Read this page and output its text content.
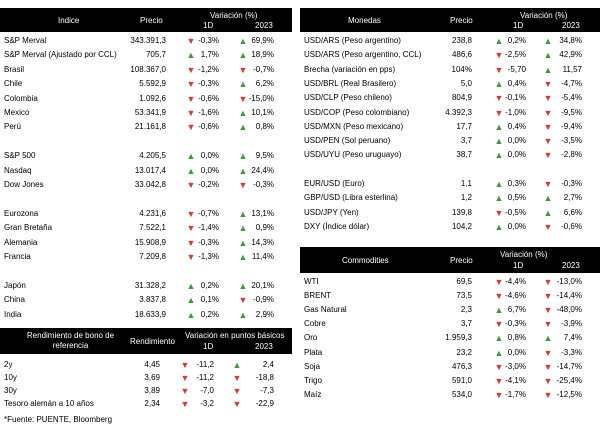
Indice	Precio
Variación (%)
1D	2023
S&P Merval	343.391,3 ▼ -0,3% ▲ 69,9%
S&P Merval (Ajustado por CCL)	705,7 ▲ 1,7% ▲ 18,9%
Brasil	108.367,0 ▼ -1,2% ▼ -0,7%
Chile	5.592,9 ▼ -0,3% ▲	6,2%
Colombia	1.092,6 ▼ -0,6% ▼ -15,0%
Mexico	53.341,9 ▼ -1,6% ▲ 10,1%
Perú	21.161,8 ▼ -0,6% ▲	0,8%
S&P 500	4.205,5 ▲ 0,0% ▲	9,5%
Nasdaq	13.017,4 ▲ 0,0% ▲ 24,4%
Dow Jones	33.042,8 ▼ -0,2% ▼ -0,3%
Eurozona	4.231,6 ▼ -0,7% ▲ 13,1%
Gran Bretaña	7.522,1 ▼ -1,4% ▲	0,9%
Alemania	15.908,9 ▼ -0,3% ▲ 14,3%
Francia	7.209,8 ▼ -1,3% ▲ 11,4%
Japón	31.328,2 ▲ 0,2% ▲ 20,1%
China	3.837,8 ▲ 0,1% ▼ -0,9%
India	18.633,9 ▲ 0,2% ▲	2,9%
Rendimiento de bono de referencia	Rendimiento
Variación en puntos básicos
1D	2023
2y	4,45 ▼ -11,2 ▲	2,4
10y	3,69 ▼ -11,2 ▼	-18,8
30y	3,89 ▼	-7,0 ▼	-7,3
Tesoro alemán a 10 años	2,34 ▼	-3,2 ▼	-22,9
*Fuente: PUENTE, Bloomberg
Monedas	Precio
Variación (%)
1D	2023
USD/ARS (Peso argentino)	238,8	▲ 0,2% ▲ 34,8%
USD/ARS (Peso argentino, CCL)	486,6	▼ -2,5% ▲ 42,9%
Brecha (variación en pps)	104%	▼ -5,70 ▲	11,57
USD/BRL (Real Brasilero)	5,0	▲ 0,4% ▼	-4,7%
USD/CLP (Peso chileno)	804,9	▼ -0,1% ▼	-5,4%
USD/COP (Peso colombiano)	4.392,3	▼ -1,0% ▼	-9,5%
USD/MXN (Peso mexicano)	17,7	▲ 0,4% ▼	-9,4%
USD/PEN (Sol peruano)	3,7	▲ 0,0% ▼	-3,5%
USD/UYU (Peso uruguayo)	38,7	▲ 0,0% ▼	-2,8%
EUR/USD (Euro)	1,1	▲ 0,3% ▼	-0,3%
GBP/USD (Libra esterlina)	1,2	▲ 0,5% ▲	2,7%
USD/JPY (Yen)	139,8	▼ -0,5% ▲	6,6%
DXY (Índice dólar)	104,2	▲ 0,0% ▼	-0,6%
Commodities	Precio
Variación (%)
1D	2023
WTI	69,5	▼ -4,4% ▼ -13,0%
BRENT	73,5	▼ -4,6% ▼ -14,4%
Gas Natural	2,3	▲ 6,7% ▼ -48,0%
Cobre	3,7	▼ -0,3% ▼	-3,9%
Oro	1.959,3	▲ 0,8% ▲	7,4%
Plata	23,2	▲ 0,0% ▼	-3,3%
Soja	476,3	▼ -3,0% ▼ -14,7%
Trigo	591,0	▼ -4,1% ▼ -25,4%
Maíz	534,0	▼ -1,7% ▼ -12,5%
